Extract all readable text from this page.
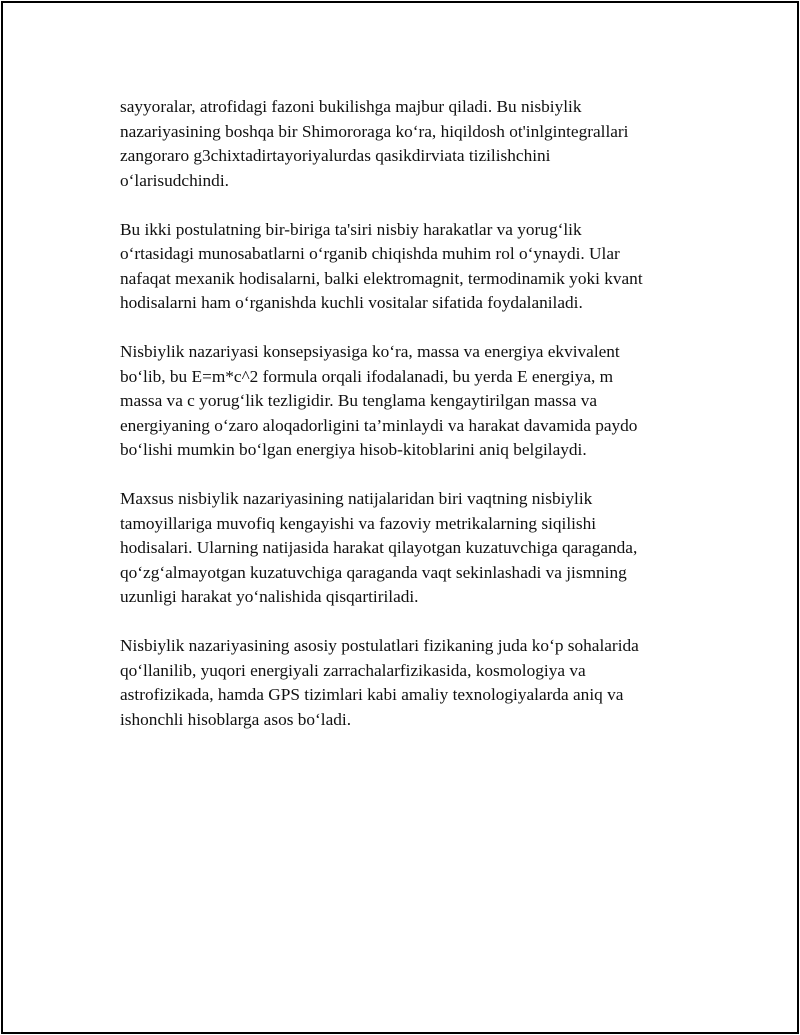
sayyoralar, atrofidagi fazoni bukilishga majbur qiladi. Bu nisbiylik
nazariyasining boshqa bir Shimororaga ko‘ra, hiqildosh ot'inlgintegrallari
zangoraro g3chixtadirtayoriyalurdas qasikdirviata tizilishchini
o‘larisudchindi.

Bu ikki postulatning bir-biriga ta'siri nisbiy harakatlar va yorug‘lik
o‘rtasidagi munosabatlarni o‘rganib chiqishda muhim rol o‘ynaydi. Ular
nafaqat mexanik hodisalarni, balki elektromagnit, termodinamik yoki kvant
hodisalarni ham o‘rganishda kuchli vositalar sifatida foydalaniladi.

Nisbiylik nazariyasi konsepsiyasiga ko‘ra, massa va energiya ekvivalent
bo‘lib, bu E=m*c^2 formula orqali ifodalanadi, bu yerda E energiya, m
massa va c yorug‘lik tezligidir. Bu tenglama kengaytirilgan massa va
energiyaning o‘zaro aloqadorligini ta’minlaydi va harakat davamida paydo
bo‘lishi mumkin bo‘lgan energiya hisob-kitoblarini aniq belgilaydi.

Maxsus nisbiylik nazariyasining natijalaridan biri vaqtning nisbiylik
tamoyillariga muvofiq kengayishi va fazoviy metrikalarning siqilishi
hodisalari. Ularning natijasida harakat qilayotgan kuzatuvchiga qaraganda,
qo‘zg‘almayotgan kuzatuvchiga qaraganda vaqt sekinlashadi va jismning
uzunligi harakat yo‘nalishida qisqartiriladi.

Nisbiylik nazariyasining asosiy postulatlari fizikaning juda ko‘p sohalarida
qo‘llanilib, yuqori energiyali zarrachalarfizikasida, kosmologiya va
astrofizikada, hamda GPS tizimlari kabi amaliy texnologiyalarda aniq va
ishonchli hisoblarga asos bo‘ladi.
